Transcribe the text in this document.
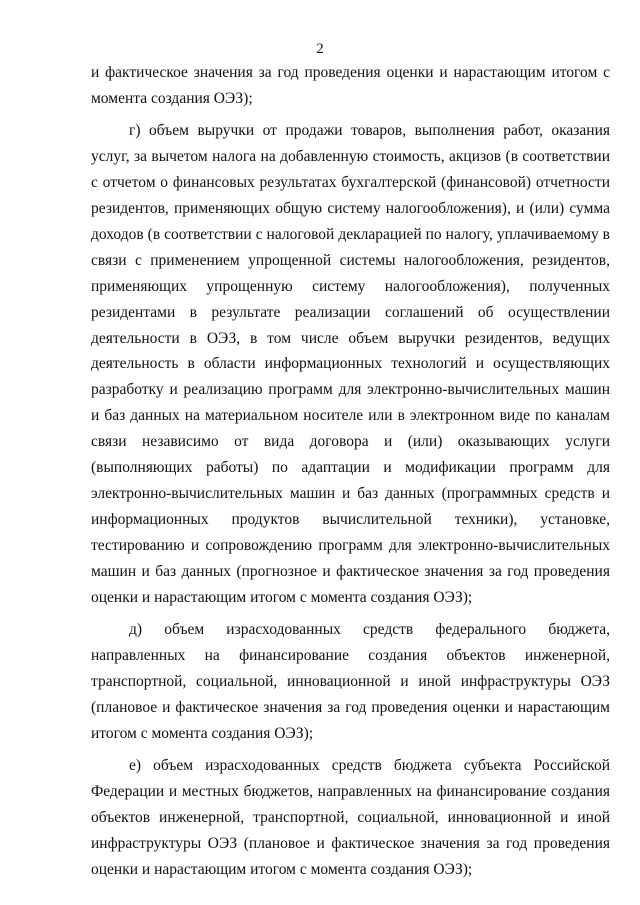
2

и фактическое значения за год проведения оценки и нарастающим итогом с момента создания ОЭЗ);

г) объем выручки от продажи товаров, выполнения работ, оказания услуг, за вычетом налога на добавленную стоимость, акцизов (в соответствии с отчетом о финансовых результатах бухгалтерской (финансовой) отчетности резидентов, применяющих общую систему налогообложения), и (или) сумма доходов (в соответствии с налоговой декларацией по налогу, уплачиваемому в связи с применением упрощенной системы налогообложения, резидентов, применяющих упрощенную систему налогообложения), полученных резидентами в результате реализации соглашений об осуществлении деятельности в ОЭЗ, в том числе объем выручки резидентов, ведущих деятельность в области информационных технологий и осуществляющих разработку и реализацию программ для электронно-вычислительных машин и баз данных на материальном носителе или в электронном виде по каналам связи независимо от вида договора и (или) оказывающих услуги (выполняющих работы) по адаптации и модификации программ для электронно-вычислительных машин и баз данных (программных средств и информационных продуктов вычислительной техники), установке, тестированию и сопровождению программ для электронно-вычислительных машин и баз данных (прогнозное и фактическое значения за год проведения оценки и нарастающим итогом с момента создания ОЭЗ);

д) объем израсходованных средств федерального бюджета, направленных на финансирование создания объектов инженерной, транспортной, социальной, инновационной и иной инфраструктуры ОЭЗ (плановое и фактическое значения за год проведения оценки и нарастающим итогом с момента создания ОЭЗ);

е) объем израсходованных средств бюджета субъекта Российской Федерации и местных бюджетов, направленных на финансирование создания объектов инженерной, транспортной, социальной, инновационной и иной инфраструктуры ОЭЗ (плановое и фактическое значения за год проведения оценки и нарастающим итогом с момента создания ОЭЗ);
